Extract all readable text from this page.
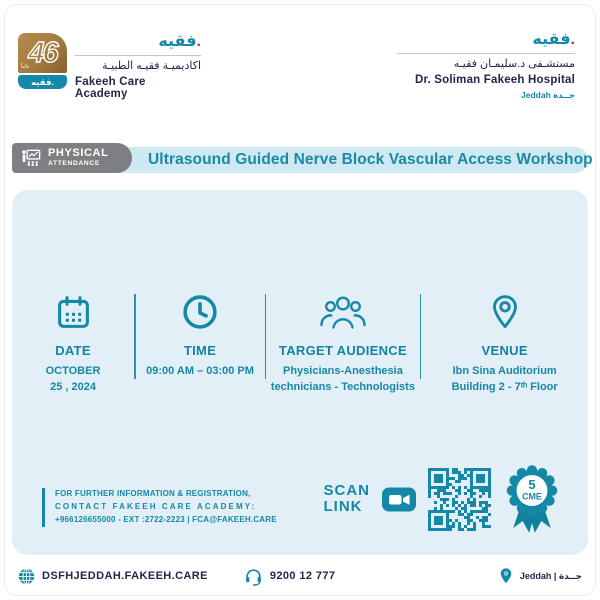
46
عاماً
فقيه.
فقيه.
اكاديميـة فقيـه الطبيـة
Fakeeh Care Academy
فقيه.
مستشـفى د.سليمـان فقيـه
Dr. Soliman Fakeeh Hospital
Jeddah جــدة
Ultrasound Guided Nerve Block Vascular Access Workshop
PHYSICAL
ATTENDANCE
DATE
OCTOBER
25 , 2024
TIME
09:00 AM – 03:00 PM
TARGET AUDIENCE
Physicians-Anesthesia
technicians - Technologists
VENUE
Ibn Sina Auditorium
Building 2 - 7ᵗʰ Floor
FOR FURTHER INFORMATION & REGISTRATION,
CONTACT FAKEEH CARE ACADEMY:
+966126655000 - EXT :2722-2223 | FCA@FAKEEH.CARE
SCAN
LINK
5
CME
DSFHJEDDAH.FAKEEH.CARE	9200 12 777	Jeddah | جــدة
